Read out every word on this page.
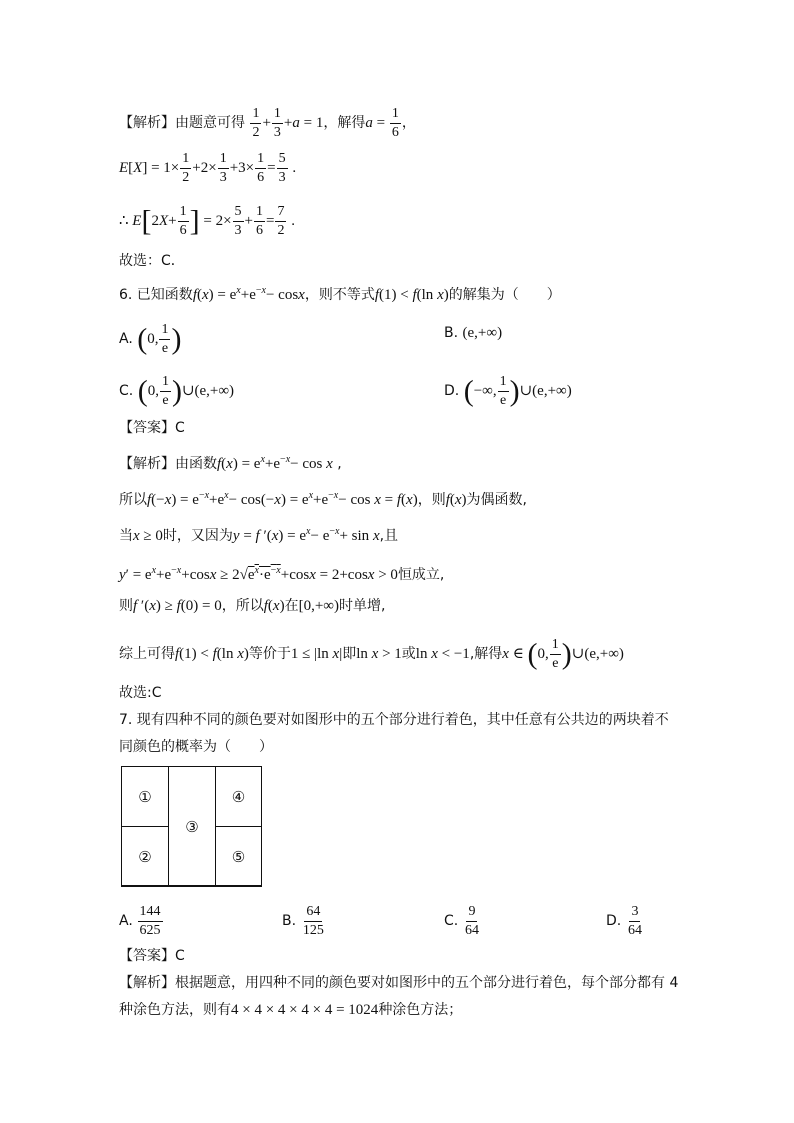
【解析】由题意可得 $\frac{1}{2} + \frac{1}{3} +a = 1$，解得$a = \frac{1}{6}$ ，
$E[X] = 1\times \frac{1}{2} +2\times \frac{1}{3} +3\times \frac{1}{6} = \frac{5}{3}$ .
∴ $E[2X+ \frac{1}{6}$ ] = $2\times \frac{5}{3} + \frac{1}{6} = \frac{7}{2}$ .
故选：C．
6. 已知函数$f(x) = e^x+e^{-x}- \cos x$，则不等式f(1) < f(ln x)的解集为（　　）
A. (0, $\frac{1}{e}$ )	B. (e,+∞)
C. (0, $\frac{1}{e}$ )∪(e,+∞)	D. (−∞, $\frac{1}{e}$ )∪(e,+∞)
【答案】C
【解析】由函数$f(x) = e^x+e^{-x}- \cos x$ ,
所以$f(-x) = e^{-x}+e^x- \cos(-x) = e^x+e^{-x}- \cos x = f(x)$，则f(x)为偶函数,
当x ≥ 0时，又因为y = f $'(x) = e^x- e^{-x}+ \sin x$,且
$y' = e^x+e^{-x}+\cos x \ge 2√e^x\cdot e^{-x}+\cos x = 2+\cos x > 0$恒成立,
则f ′(x) ≥ f(0) = 0，所以f(x)在[0,+∞)时单增,
综上可得f(1) < f(ln x)等价于1 ≤ |ln x|即ln x > 1或ln x < −1,解得x ∈ (0, $\frac{1}{e}$ )∪(e,+∞)
故选:C
7. 现有四种不同的颜色要对如图形中的五个部分进行着色，其中任意有公共边的两块着不
同颜色的概率为（　　）
①
②
③
④
⑤
A. $\frac{144}{625}$	B. $\frac{64}{125}$	C. $\frac{9}{64}$	D. $\frac{3}{64}$
【答案】C
【解析】根据题意，用四种不同的颜色要对如图形中的五个部分进行着色，每个部分都有 4
种涂色方法，则有4 × 4 × 4 × 4 × 4 = 1024种涂色方法；
